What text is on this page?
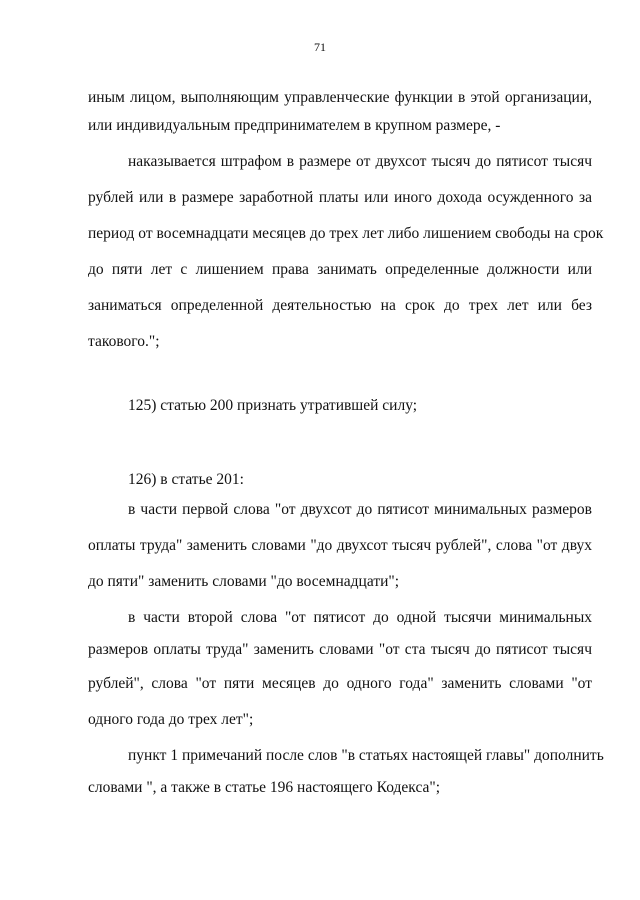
71
иным лицом, выполняющим управленческие функции в этой организации,
или индивидуальным предпринимателем в крупном размере, -
наказывается штрафом в размере от двухсот тысяч до пятисот тысяч
рублей или в размере заработной платы или иного дохода осужденного за
период от восемнадцати месяцев до трех лет либо лишением свободы на срок
до пяти лет с лишением права занимать определенные должности или
заниматься определенной деятельностью на срок до трех лет или без
такового.";
125) статью 200 признать утратившей силу;
126) в статье 201:
в части первой слова "от двухсот до пятисот минимальных размеров
оплаты труда" заменить словами "до двухсот тысяч рублей", слова "от двух
до пяти" заменить словами "до восемнадцати";
в части второй слова "от пятисот до одной тысячи минимальных
размеров оплаты труда" заменить словами "от ста тысяч до пятисот тысяч
рублей", слова "от пяти месяцев до одного года" заменить словами "от
одного года до трех лет";
пункт 1 примечаний после слов "в статьях настоящей главы" дополнить
словами ", а также в статье 196 настоящего Кодекса";
